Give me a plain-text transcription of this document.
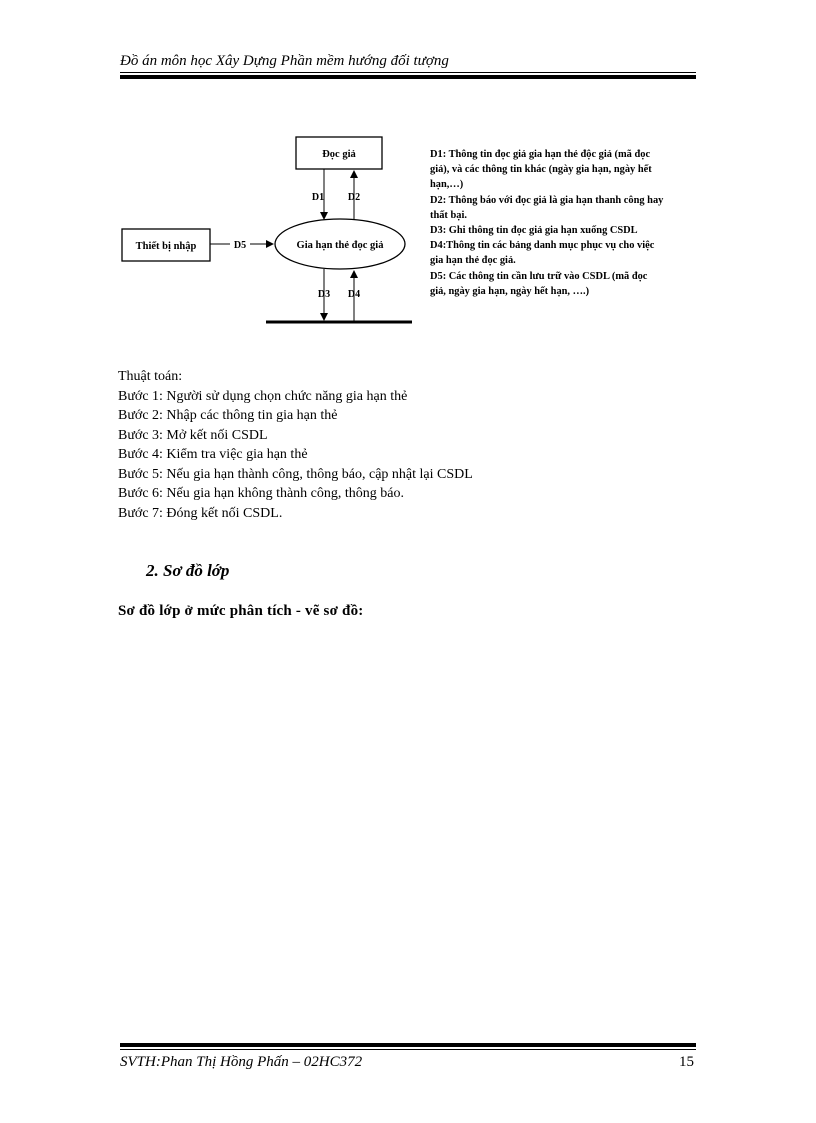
Đồ án môn học Xây Dựng Phần mềm hướng đối tượng
Đọc giả
Thiết bị nhập	Gia hạn thẻ đọc giả
D1 D2
D5
D3 D4
D1: Thông tin đọc giả gia hạn thẻ độc giả (mã đọc
giả), và các thông tin khác (ngày gia hạn, ngày hết
hạn,…)
D2: Thông báo với đọc giả là gia hạn thanh công hay
thất bại.
D3: Ghi thông tin đọc giả gia hạn xuống CSDL
D4:Thông tin các bảng danh mục phục vụ cho việc
gia hạn thẻ đọc giả.
D5: Các thông tin cần lưu trữ vào CSDL (mã đọc
giả, ngày gia hạn, ngày hết hạn, ….)
Thuật toán:
Bước 1: Người sử dụng chọn chức năng gia hạn thẻ
Bước 2: Nhập các thông tin gia hạn thẻ
Bước 3: Mở kết nối CSDL
Bước 4: Kiểm tra việc gia hạn thẻ
Bước 5: Nếu gia hạn thành công, thông báo, cập nhật lại CSDL
Bước 6: Nếu gia hạn không thành công, thông báo.
Bước 7: Đóng kết nối CSDL.
2. Sơ đồ lớp
Sơ đồ lớp ở mức phân tích - vẽ sơ đồ:
SVTH:Phan Thị Hồng Phấn – 02HC372	15
